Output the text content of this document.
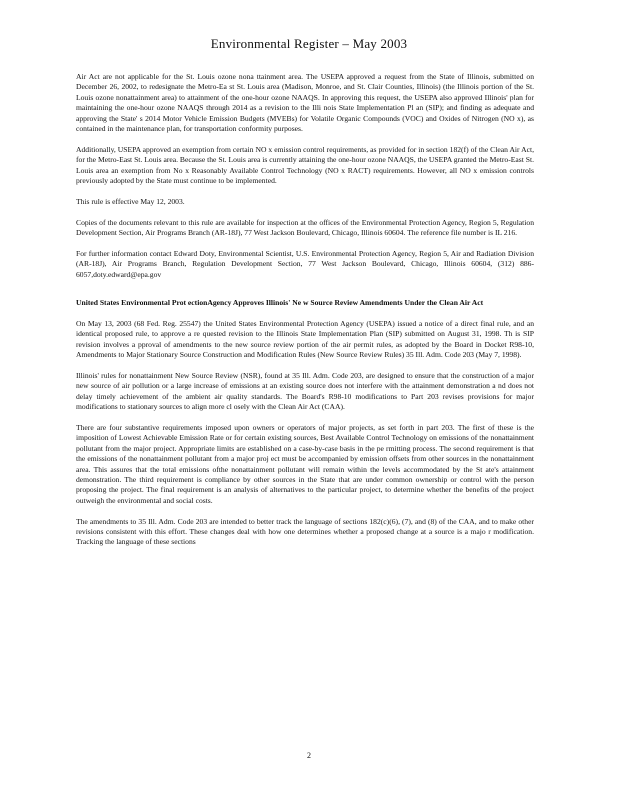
Environmental Register – May 2003

Air Act are not applicable for the St. Louis ozone nona ttainment area. The USEPA approved a request from the State of Illinois, submitted on December 26, 2002, to redesignate the Metro-Ea st St. Louis area (Madison, Monroe, and St. Clair Counties, Illinois) (the Illinois portion of the St. Louis ozone nonattainment area) to attainment of the one-hour ozone NAAQS. In approving this request, the USEPA also approved Illinois' plan for maintaining the one-hour ozone NAAQS through 2014 as a revision to the Illi nois State Implementation Pl an (SIP); and finding as adequate and approving the State' s 2014 Motor Vehicle Emission Budgets (MVEBs) for Volatile Organic Compounds (VOC) and Oxides of Nitrogen (NO x), as contained in the maintenance plan, for transportation conformity purposes.

Additionally, USEPA approved an exemption from certain NO x emission control requirements, as provided for in section 182(f) of the Clean Air Act, for the Metro-East St. Louis area. Because the St. Louis area is currently attaining the one-hour ozone NAAQS, the USEPA granted the Metro-East St. Louis area an exemption from No x Reasonably Available Control Technology (NO x RACT) requirements. However, all NO x emission controls previously adopted by the State must continue to be implemented.

This rule is effective May 12, 2003.

Copies of the documents relevant to this rule are available for inspection at the offices of the Environmental Protection Agency, Region 5, Regulation Development Section, Air Programs Branch (AR-18J), 77 West Jackson Boulevard, Chicago, Illinois 60604. The reference file number is IL 216.

For further information contact Edward Doty, Environmental Scientist, U.S. Environmental Protection Agency, Region 5, Air and Radiation Division (AR-18J), Air Programs Branch, Regulation Development Section, 77 West Jackson Boulevard, Chicago, Illinois 60604, (312) 886-6057,doty.edward@epa.gov

United States Environmental Prot ectionAgency Approves Illinois' Ne w Source Review Amendments Under the Clean Air Act

On May 13, 2003 (68 Fed. Reg. 25547) the United States Environmental Protection Agency (USEPA) issued a notice of a direct final rule, and an identical proposed rule, to approve a re quested revision to the Illinois State Implementation Plan (SIP) submitted on August 31, 1998. Th is SIP revision involves a pproval of amendments to the new source review portion of the air permit rules, as adopted by the Board in Docket R98-10, Amendments to Major Stationary Source Construction and Modification Rules (New Source Review Rules) 35 Ill. Adm. Code 203 (May 7, 1998).

Illinois' rules for nonattainment New Source Review (NSR), found at 35 Ill. Adm. Code 203, are designed to ensure that the construction of a major new source of air pollution or a large increase of emissions at an existing source does not interfere with the attainment demonstration a nd does not delay timely achievement of the ambient air quality standards. The Board's R98-10 modifications to Part 203 revises provisions for major modifications to stationary sources to align more cl osely with the Clean Air Act (CAA).

There are four substantive requirements imposed upon owners or operators of major projects, as set forth in part 203. The first of these is the imposition of Lowest Achievable Emission Rate or for certain existing sources, Best Available Control Technology on emissions of the nonattainment pollutant from the major project. Appropriate limits are established on a case-by-case basis in the pe rmitting process. The second requirement is that the emissions of the nonattainment pollutant from a major proj ect must be accompanied by emission offsets from other sources in the nonattainment area. This assures that the total emissions ofthe nonattainment pollutant will remain within the levels accommodated by the St ate's attainment demonstration. The third requirement is compliance by other sources in the State that are under common ownership or control with the person proposing the project. The final requirement is an analysis of alternatives to the particular project, to determine whether the benefits of the project outweigh the environmental and social costs.

The amendments to 35 Ill. Adm. Code 203 are intended to better track the language of sections 182(c)(6), (7), and (8) of the CAA, and to make other revisions consistent with this effort. These changes deal with how one determines whether a proposed change at a source is a majo r modification. Tracking the language of these sections

2
